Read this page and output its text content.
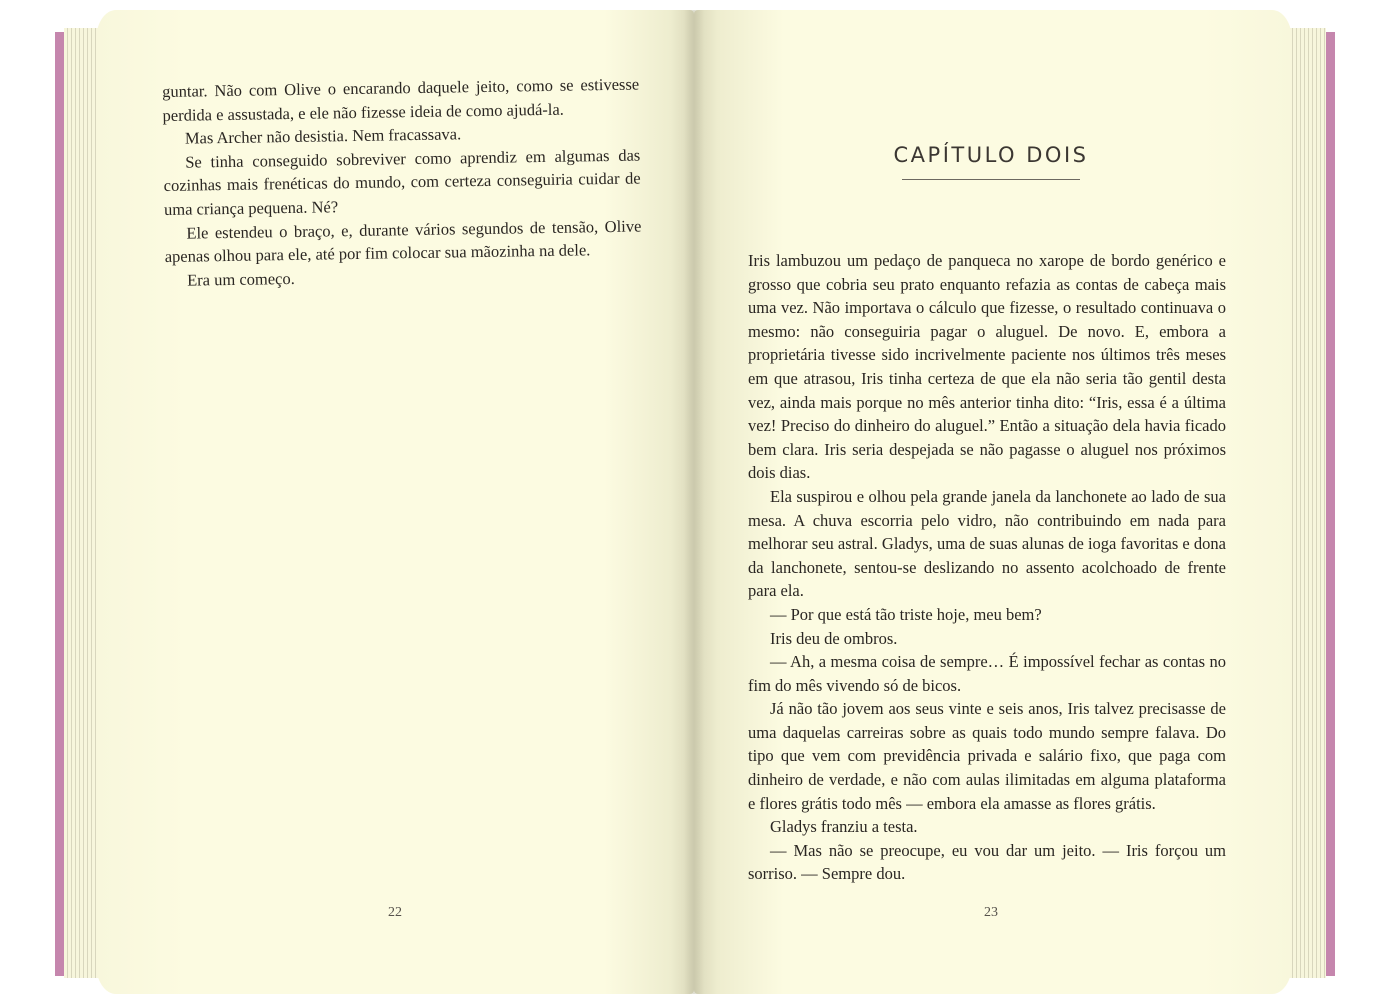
guntar. Não com Olive o encarando daquele jeito, como se estivesse perdida e assustada, e ele não fizesse ideia de como ajudá-la.

Mas Archer não desistia. Nem fracassava.

Se tinha conseguido sobreviver como aprendiz em algumas das cozinhas mais frenéticas do mundo, com certeza conseguiria cuidar de uma criança pequena. Né?

Ele estendeu o braço, e, durante vários segundos de tensão, Olive apenas olhou para ele, até por fim colocar sua mãozinha na dele.

Era um começo.

CAPÍTULO DOIS

Iris lambuzou um pedaço de panqueca no xarope de bordo genérico e grosso que cobria seu prato enquanto refazia as contas de cabeça mais uma vez. Não importava o cálculo que fizesse, o resultado continuava o mesmo: não conseguiria pagar o aluguel. De novo. E, embora a proprietária tivesse sido incrivelmente paciente nos últimos três meses em que atrasou, Iris tinha certeza de que ela não seria tão gentil desta vez, ainda mais porque no mês anterior tinha dito: “Iris, essa é a última vez! Preciso do dinheiro do aluguel.” Então a situação dela havia ficado bem clara. Iris seria despejada se não pagasse o aluguel nos próximos dois dias.

Ela suspirou e olhou pela grande janela da lanchonete ao lado de sua mesa. A chuva escorria pelo vidro, não contribuindo em nada para melhorar seu astral. Gladys, uma de suas alunas de ioga favoritas e dona da lanchonete, sentou-se deslizando no assento acolchoado de frente para ela.

— Por que está tão triste hoje, meu bem?

Iris deu de ombros.

— Ah, a mesma coisa de sempre… É impossível fechar as contas no fim do mês vivendo só de bicos.

Já não tão jovem aos seus vinte e seis anos, Iris talvez precisasse de uma daquelas carreiras sobre as quais todo mundo sempre falava. Do tipo que vem com previdência privada e salário fixo, que paga com dinheiro de verdade, e não com aulas ilimitadas em alguma plataforma e flores grátis todo mês — embora ela amasse as flores grátis.

Gladys franziu a testa.

— Mas não se preocupe, eu vou dar um jeito. — Iris forçou um sorriso. — Sempre dou.

22	23
